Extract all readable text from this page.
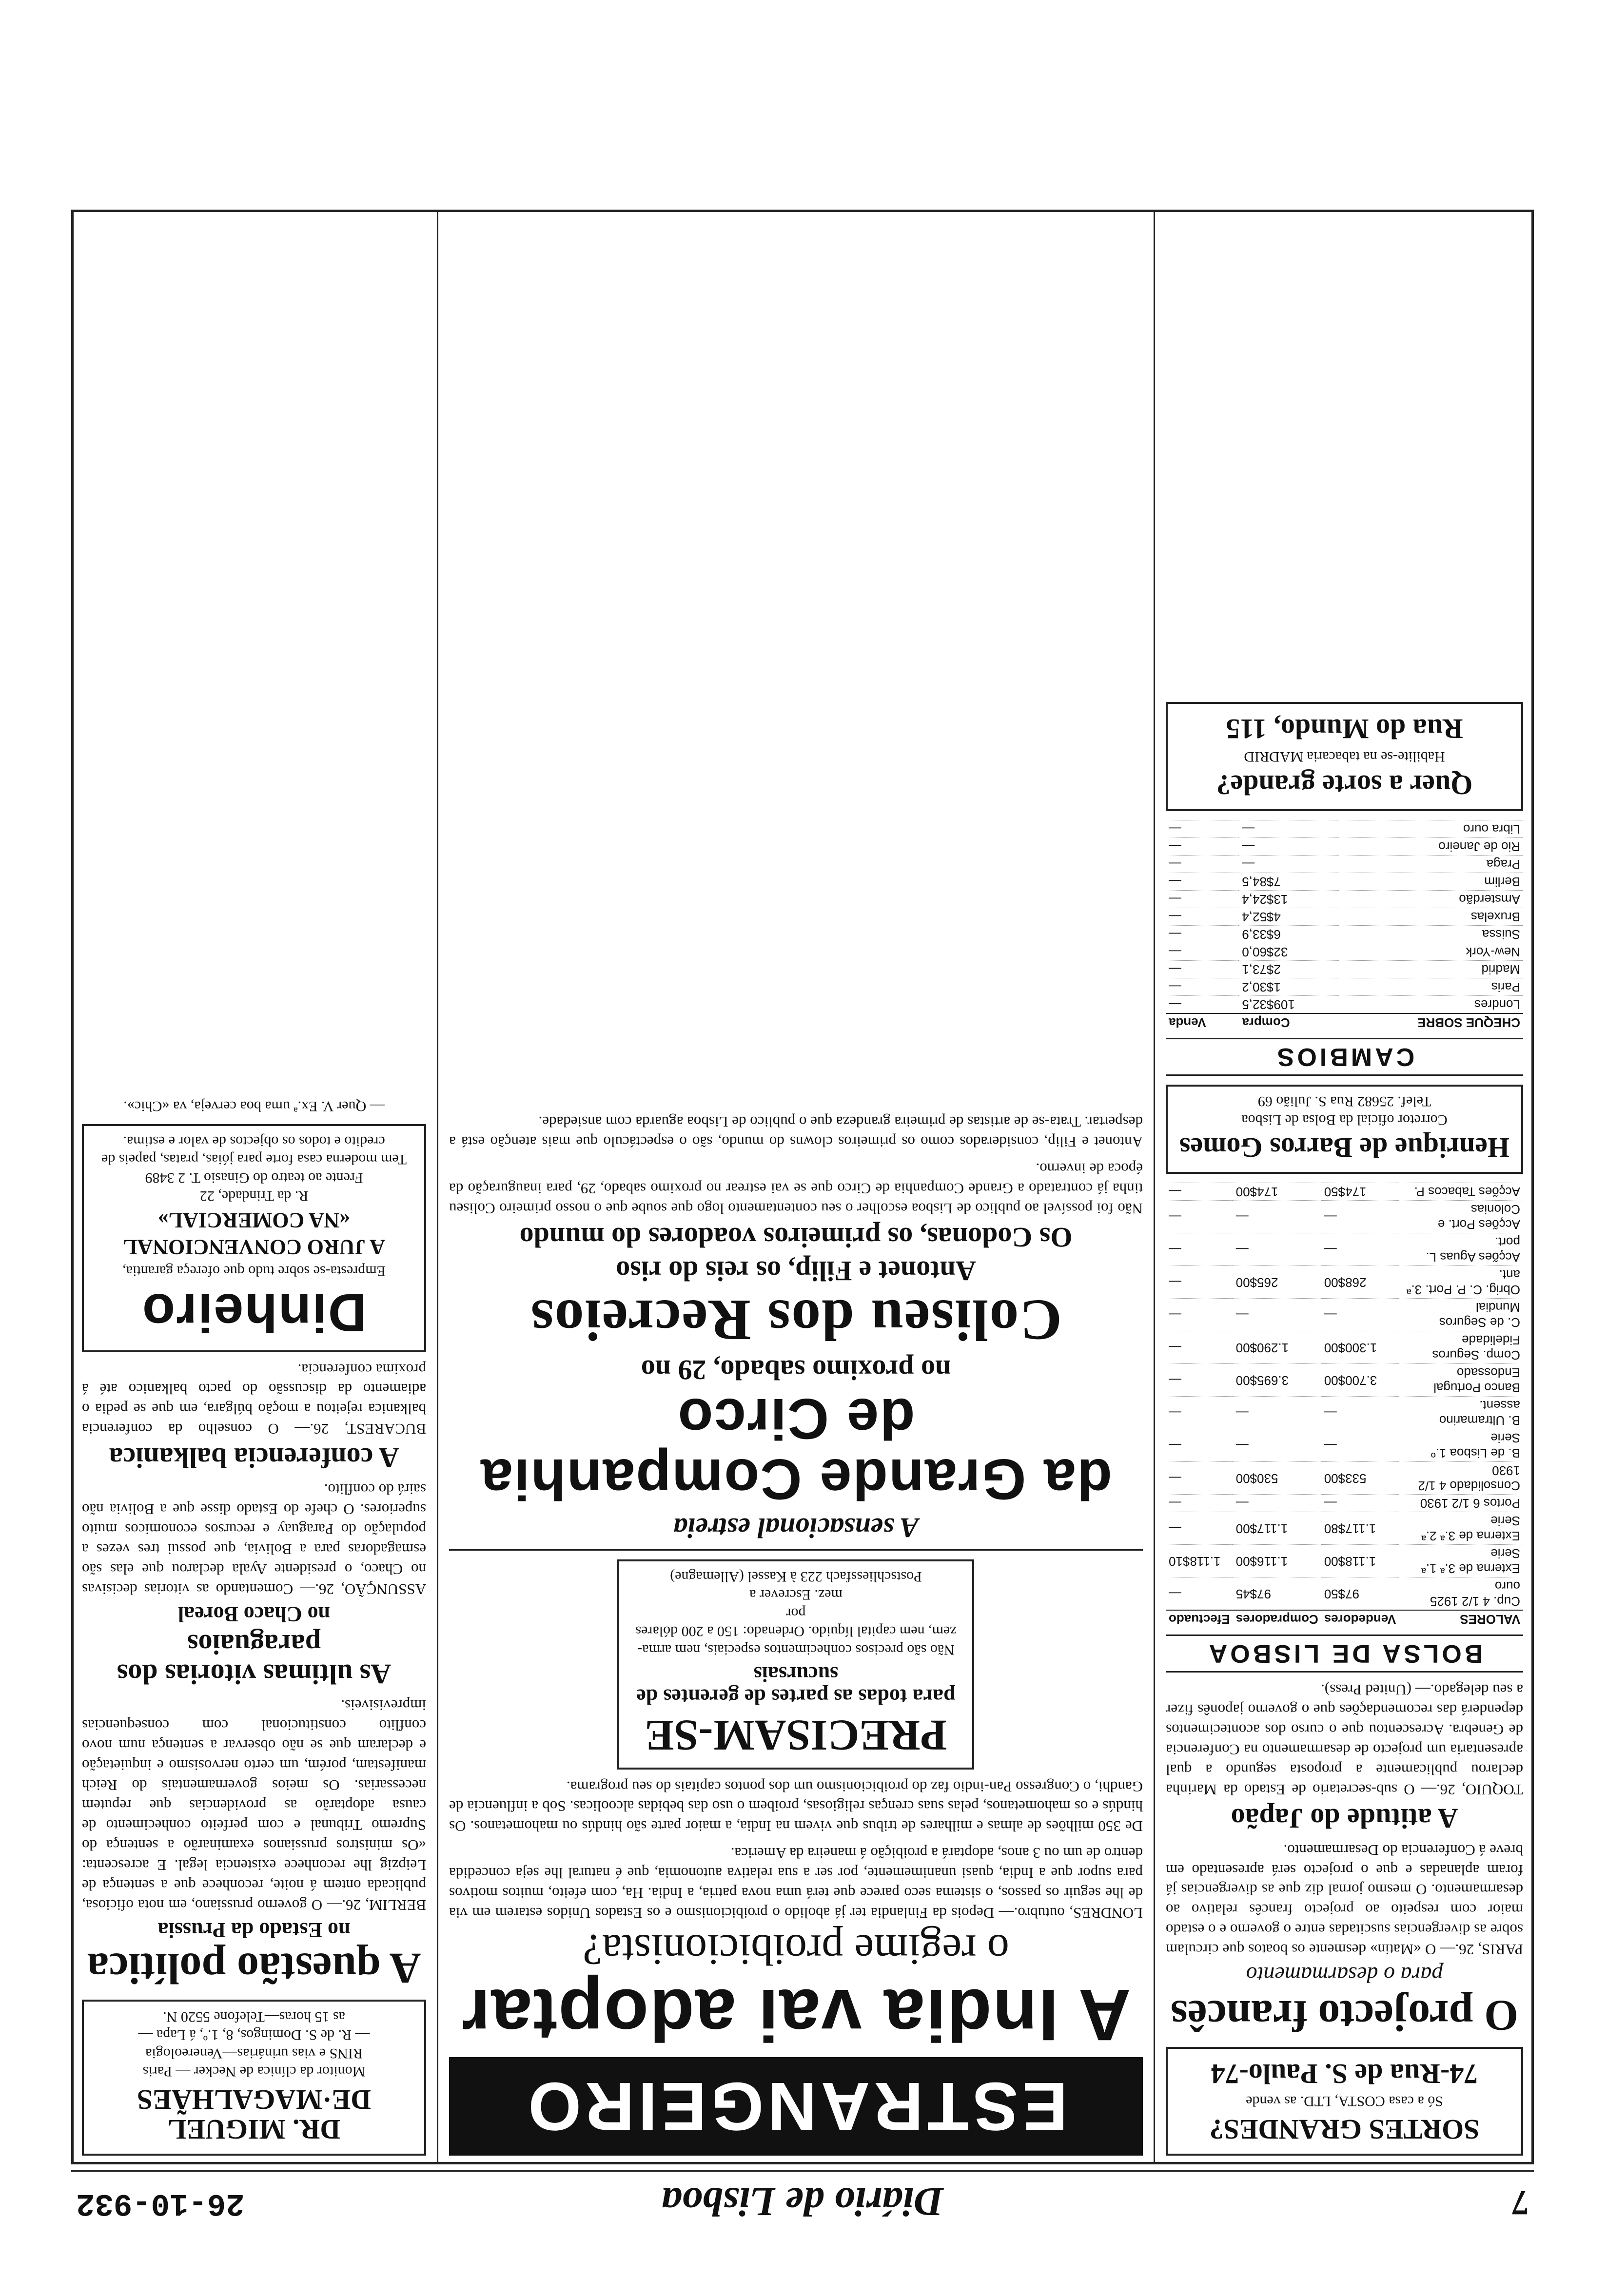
7
Diário de Lisboa
26-10-932
SORTES GRANDES?
Só a casa COSTA, LTD. as vende
74-Rua de S. Paulo-74
O projecto francês
para o desarmamento

PARIS, 26.— O «Matin» desmente os boatos que circulam sobre as divergencias suscitadas entre o governo e o estado maior com respeito ao projecto francês relativo ao desarmamento. O mesmo jornal diz que as divergencias já foram aplanadas e que o projecto será apresentado em breve á Conferencia do Desarmamento.

A atitude do Japão

TOQUIO, 26.— O sub-secretario de Estado da Marinha declarou publicamente a proposta segundo a qual apresentaria um projecto de desarmamento na Conferencia de Genebra. Acrescentou que o curso dos acontecimentos dependerá das recomendações que o governo japonês fizer a seu delegado.— (United Press).

BOLSA DE LISBOA
VALORES	Vendedores	Compradores	Efectuado
Cup. 4 1/2 1925 ouro	97$50	97$45	—
Externa de 3.ª 1.ª Serie	1.118$00	1.116$00	1.118$10
Externa de 3.ª 2.ª Serie	1.117$80	1.117$00	—
Portos 6 1/2 1930	—	—	—
Consolidado 4 1/2 1930	533$00	530$00	—
B. de Lisboa 1.º Serie	—	—	—
B. Ultramarino assent.	—	—	—
Banco Portugal Endossado	3.700$00	3.695$00	—
Comp. Seguros Fidelidade	1.300$00	1.290$00	—
C. de Seguros Mundial	—	—	—
Obrig. C. P. Port. 3.ª ant.	268$00	265$00	—
Acções Aguas L. port.	—	—	—
Acções Port. e Colonias	—	—	—
Acções Tabacos P.	174$50	174$00	—
Henrique de Barros Gomes
Corretor oficial da Bolsa de Lisboa
Telef. 25682 Rua S. Julião 69
CAMBIOS
CHEQUE SOBRE	Compra	Venda
Londres	109$32,5	—
Paris	1$30,2	—
Madrid	2$73,1	—
New-York	32$60,0	—
Suissa	6$33,9	—
Bruxelas	4$52,4	—
Amsterdão	13$24,4	—
Berlim	7$84,5	—
Praga	—	—
Rio de Janeiro	—	—
Libra ouro	—	—
Quer a sorte grande?
Habilite-se na tabacaria MADRID
Rua do Mundo, 115
ESTRANGEIRO
A India vai adoptar
o regime proibicionista?

LONDRES, outubro.— Depois da Finlandia ter já abolido o proibicionismo e os Estados Unidos estarem em via de lhe seguir os passos, o sistema seco parece que terá uma nova patria, a India. Ha, com efeito, muitos motivos para supor que a India, quasi unanimemente, por ser a sua relativa autonomia, que é natural lhe seja concedida dentro de um ou 3 anos, adoptará a proibição á maneira da America.

De 350 milhões de almas e milhares de tribus que vivem na India, a maior parte são hindús ou mahometanos. Os hindús e os mahometanos, pelas suas crenças religiosas, proibem o uso das bebidas alcoolicas. Sob a influencia de Gandhi, o Congresso Pan-indio faz do proibicionismo um dos pontos capitais do seu programa.

PRECISAM-SE
para todas as partes de gerentes de sucursais
Não são precisos conhecimentos especiais, nem arma-
zem, nem capital líquido. Ordenado: 150 a 200 dólares por
mez. Escrever a
Postschliessfach 223 à Kassel (Allemagne)
A sensacional estreia
da Grande Companhia de Circo
no proximo sabado, 29 no
Coliseu dos Recreios
Antonet e Filip, os reis do riso
Os Codonas, os primeiros voadores do mundo

Não foi possível ao publico de Lisboa escolher o seu contentamento logo que soube que o nosso primeiro Coliseu tinha já contratado a Grande Companhia de Circo que se vai estrear no proximo sabado, 29, para inauguração da época de inverno.

Antonet e Filip, considerados como os primeiros clowns do mundo, são o espectáculo que mais atenção está a despertar. Trata-se de artistas de primeira grandeza que o publico de Lisboa aguarda com ansiedade.

DR. MIGUEL DE·MAGALHÃES
Monitor da clínica de Necker — Paris
RINS e vias urinárias—Venereologia
— R. de S. Domingos, 8, 1.º, á Lapa —
as 15 horas—Telefone 5520 N.
A questão política
no Estado da Prussia

BERLIM, 26.— O governo prussiano, em nota oficiosa, publicada ontem á noite, reconhece que a sentença de Leipzig lhe reconhece existencia legal. E acrescenta: «Os ministros prussianos examinarão a sentença do Supremo Tribunal e com perfeito conhecimento de causa adoptarão as providencias que reputem necessarias. Os meios governamentais do Reich manifestam, porém, um certo nervosismo e inquietação e declaram que se não observar a sentença num novo conflito constitucional com consequencias imprevisiveis.

As ultimas vitorias dos paraguaios
no Chaco Boreal

ASSUNÇÃO, 26.— Comentando as vitorias decisivas no Chaco, o presidente Ayala declarou que elas são esmagadoras para a Bolivia, que possui tres vezes a população do Paraguay e recursos economicos muito superiores. O chefe do Estado disse que a Bolivia não sairá do conflito.

A conferencia balkanica

BUCAREST, 26.— O conselho da conferencia balkanica rejeitou a moção búlgara, em que se pedia o adiamento da discussão do pacto balkanico até á proxima conferencia.

Dinheiro
Empresta-se sobre tudo que ofereça garantia,
A JURO CONVENCIONAL
«NA COMERCIAL»
R. da Trindade, 22
Frente ao teatro do Ginasio T. 2 3489
Tem moderna casa forte para jóias, pratas, papeis de credito e todos os objectos de valor e estima.
— Quer V. Ex.ª uma boa cerveja, va «Chic».
